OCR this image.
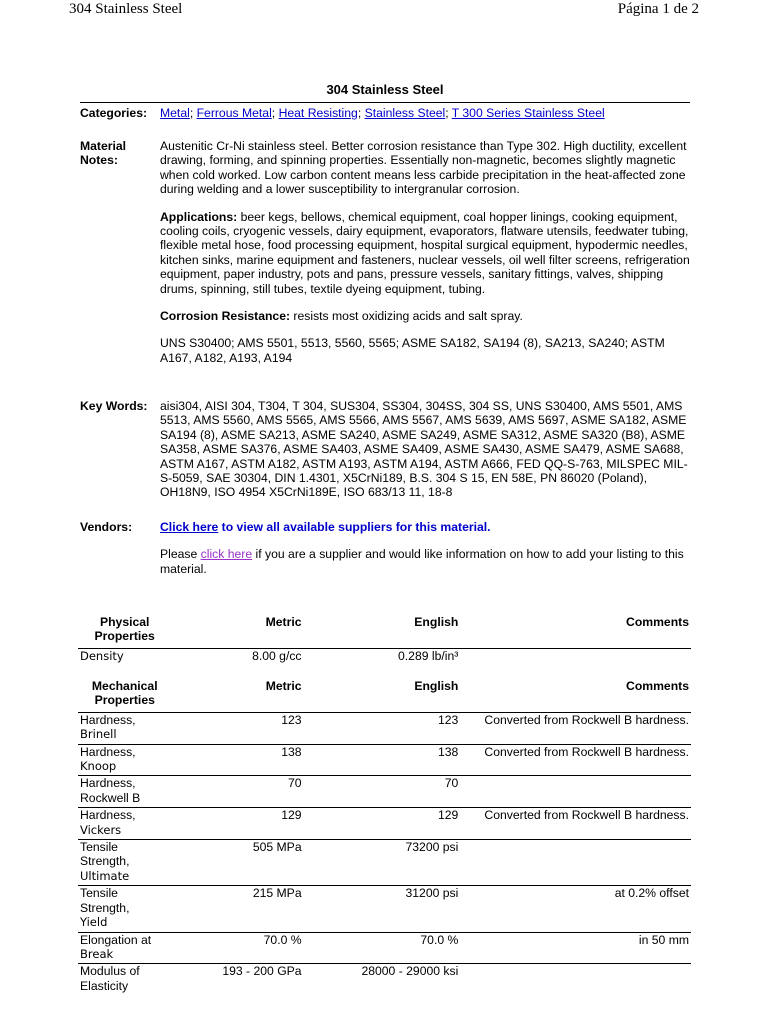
304 Stainless Steel	Página 1 de 2
304 Stainless Steel
Categories:	Metal; Ferrous Metal; Heat Resisting; Stainless Steel; T 300 Series Stainless Steel
Material
Notes:

Austenitic Cr-Ni stainless steel. Better corrosion resistance than Type 302. High ductility, excellent drawing, forming, and spinning properties. Essentially non-magnetic, becomes slightly magnetic when cold worked. Low carbon content means less carbide precipitation in the heat-affected zone during welding and a lower susceptibility to intergranular corrosion.

Applications: beer kegs, bellows, chemical equipment, coal hopper linings, cooking equipment, cooling coils, cryogenic vessels, dairy equipment, evaporators, flatware utensils, feedwater tubing, flexible metal hose, food processing equipment, hospital surgical equipment, hypodermic needles, kitchen sinks, marine equipment and fasteners, nuclear vessels, oil well filter screens, refrigeration equipment, paper industry, pots and pans, pressure vessels, sanitary fittings, valves, shipping drums, spinning, still tubes, textile dyeing equipment, tubing.

Corrosion Resistance: resists most oxidizing acids and salt spray.

UNS S30400; AMS 5501, 5513, 5560, 5565; ASME SA182, SA194 (8), SA213, SA240; ASTM A167, A182, A193, A194

Key Words:	aisi304, AISI 304, T304, T 304, SUS304, SS304, 304SS, 304 SS, UNS S30400, AMS 5501, AMS 5513, AMS 5560, AMS 5565, AMS 5566, AMS 5567, AMS 5639, AMS 5697, ASME SA182, ASME SA194 (8), ASME SA213, ASME SA240, ASME SA249, ASME SA312, ASME SA320 (B8), ASME SA358, ASME SA376, ASME SA403, ASME SA409, ASME SA430, ASME SA479, ASME SA688, ASTM A167, ASTM A182, ASTM A193, ASTM A194, ASTM A666, FED QQ-S-763, MILSPEC MIL-S-5059, SAE 30304, DIN 1.4301, X5CrNi189, B.S. 304 S 15, EN 58E, PN 86020 (Poland), OH18N9, ISO 4954 X5CrNi189E, ISO 683/13 11, 18-8
Vendors:	Click here to view all available suppliers for this material.

Please click here if you are a supplier and would like information on how to add your listing to this material.

Physical Properties	Metric	English	Comments
Density	8.00 g/cc	0.289 lb/in³	
Mechanical Properties	Metric	English	Comments

Hardness,
Brinell	123	123	Converted from Rockwell B hardness.

Hardness,
Knoop	138	138	Converted from Rockwell B hardness.

Hardness,
Rockwell B	70	70	

Hardness,
Vickers	129	129	Converted from Rockwell B hardness.

Tensile Strength,
Ultimate	505 MPa	73200 psi	

Tensile Strength,
Yield	215 MPa	31200 psi	at 0.2% offset

Elongation at
Break	70.0 %	70.0 %	in 50 mm

Modulus of
Elasticity	193 - 200 GPa	28000 - 29000 ksi	
